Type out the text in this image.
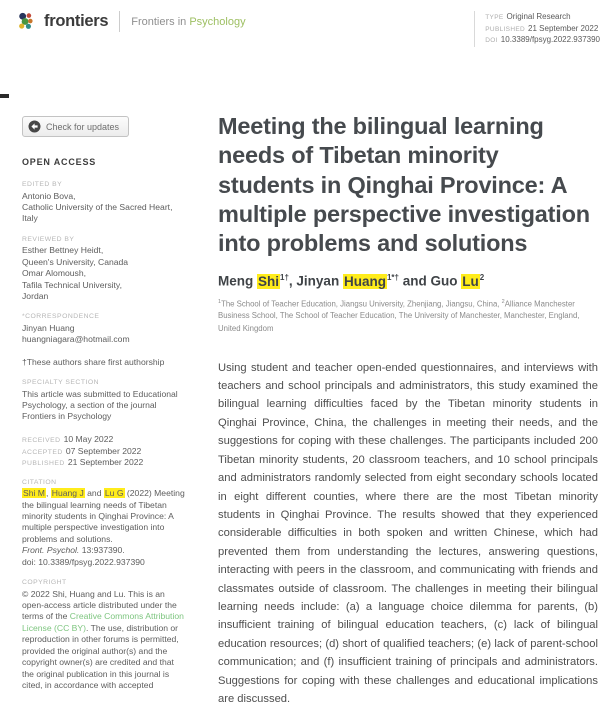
frontiers Frontiers in Psychology	TYPE Original Research
PUBLISHED 21 September 2022
DOI 10.3389/fpsyg.2022.937390
Check for updates
OPEN ACCESS
EDITED BY
Antonio Bova,
Catholic University of the Sacred Heart,
Italy
REVIEWED BY
Esther Bettney Heidt,
Queen's University, Canada
Omar Alomoush,
Tafila Technical University,
Jordan
*CORRESPONDENCE
Jinyan Huang
huangniagara@hotmail.com
†These authors share first authorship
SPECIALTY SECTION
This article was submitted to Educational Psychology, a section of the journal Frontiers in Psychology
RECEIVED 10 May 2022
ACCEPTED 07 September 2022
PUBLISHED 21 September 2022
CITATION
Shi M, Huang J and Lu G (2022) Meeting the bilingual learning needs of Tibetan minority students in Qinghai Province: A multiple perspective investigation into problems and solutions.
Front. Psychol. 13:937390.
doi: 10.3389/fpsyg.2022.937390
COPYRIGHT
© 2022 Shi, Huang and Lu. This is an open-access article distributed under the terms of the Creative Commons Attribution License (CC BY). The use, distribution or reproduction in other forums is permitted, provided the original author(s) and the copyright owner(s) are credited and that the original publication in this journal is cited, in accordance with accepted
Meeting the bilingual learning needs of Tibetan minority students in Qinghai Province: A multiple perspective investigation into problems and solutions
Meng Shi$^{1\dagger}$, Jinyan Huang$^{1*\dagger}$ and Guo Lu$^2$
$^1$The School of Teacher Education, Jiangsu University, Zhenjiang, Jiangsu, China, $^2$Alliance Manchester Business School, The School of Teacher Education, The University of Manchester, Manchester, England, United Kingdom

Using student and teacher open-ended questionnaires, and interviews with teachers and school principals and administrators, this study examined the bilingual learning difficulties faced by the Tibetan minority students in Qinghai Province, China, the challenges in meeting their needs, and the suggestions for coping with these challenges. The participants included 200 Tibetan minority students, 20 classroom teachers, and 10 school principals and administrators randomly selected from eight secondary schools located in eight different counties, where there are the most Tibetan minority students in Qinghai Province. The results showed that they experienced considerable difficulties in both spoken and written Chinese, which had prevented them from understanding the lectures, answering questions, interacting with peers in the classroom, and communicating with friends and classmates outside of classroom. The challenges in meeting their bilingual learning needs include: (a) a language choice dilemma for parents, (b) insufficient training of bilingual education teachers, (c) lack of bilingual education resources; (d) short of qualified teachers; (e) lack of parent-school communication; and (f) insufficient training of principals and administrators. Suggestions for coping with these challenges and educational implications are discussed.
